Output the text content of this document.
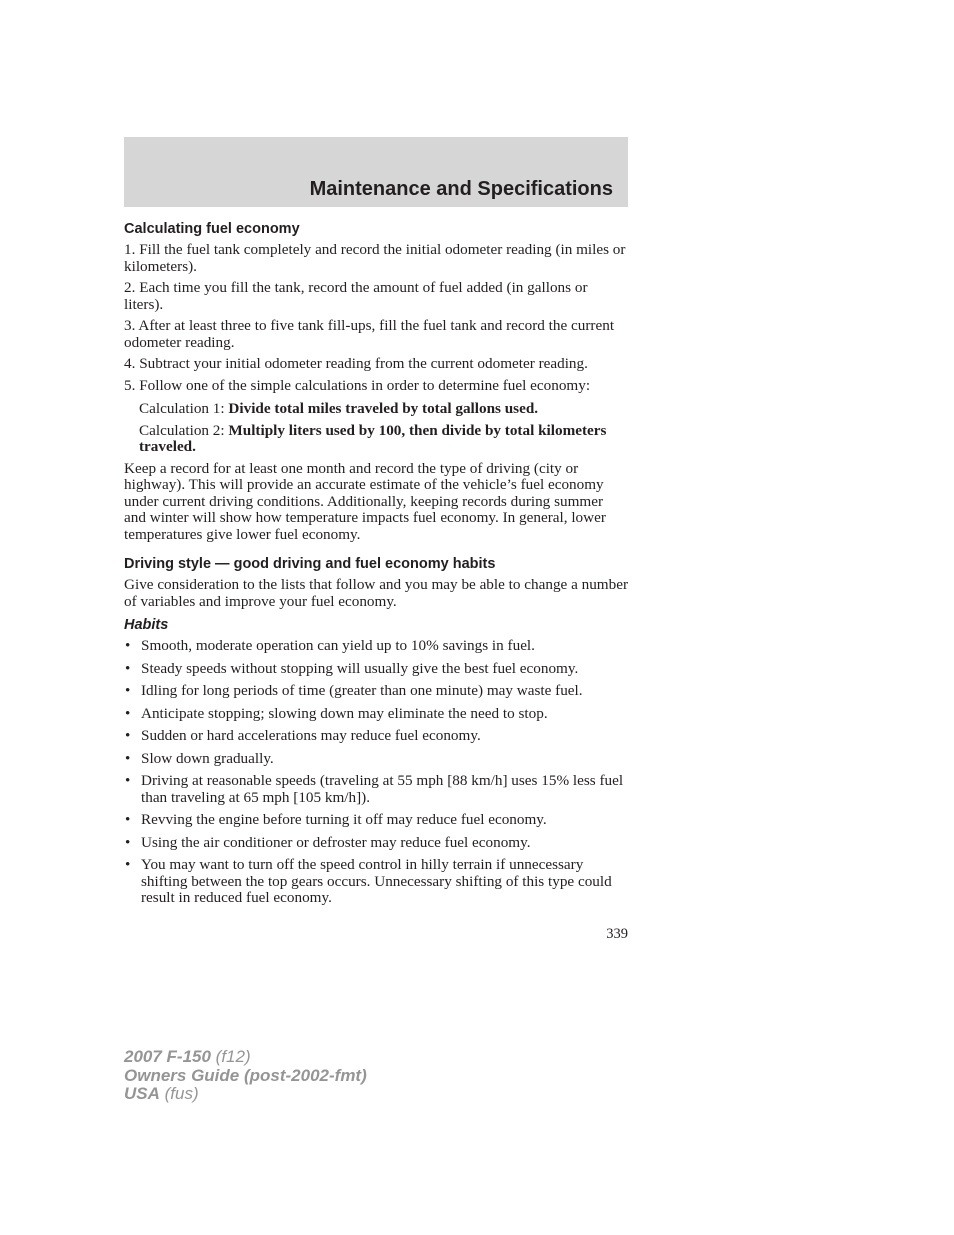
Maintenance and Specifications
Calculating fuel economy

1. Fill the fuel tank completely and record the initial odometer reading (in miles or kilometers).

2. Each time you fill the tank, record the amount of fuel added (in gallons or liters).

3. After at least three to five tank fill-ups, fill the fuel tank and record the current odometer reading.

4. Subtract your initial odometer reading from the current odometer reading.

5. Follow one of the simple calculations in order to determine fuel economy:

Calculation 1: Divide total miles traveled by total gallons used.

Calculation 2: Multiply liters used by 100, then divide by total kilometers traveled.

Keep a record for at least one month and record the type of driving (city or highway). This will provide an accurate estimate of the vehicle’s fuel economy under current driving conditions. Additionally, keeping records during summer and winter will show how temperature impacts fuel economy. In general, lower temperatures give lower fuel economy.

Driving style — good driving and fuel economy habits

Give consideration to the lists that follow and you may be able to change a number of variables and improve your fuel economy.

Habits
• Smooth, moderate operation can yield up to 10% savings in fuel.
• Steady speeds without stopping will usually give the best fuel economy.
• Idling for long periods of time (greater than one minute) may waste fuel.
• Anticipate stopping; slowing down may eliminate the need to stop.
• Sudden or hard accelerations may reduce fuel economy.
• Slow down gradually.
• Driving at reasonable speeds (traveling at 55 mph [88 km/h] uses 15% less fuel than traveling at 65 mph [105 km/h]).
• Revving the engine before turning it off may reduce fuel economy.
• Using the air conditioner or defroster may reduce fuel economy.
• You may want to turn off the speed control in hilly terrain if unnecessary shifting between the top gears occurs. Unnecessary shifting of this type could result in reduced fuel economy.
339
2007 F-150 (f12)
Owners Guide (post-2002-fmt)
USA (fus)
